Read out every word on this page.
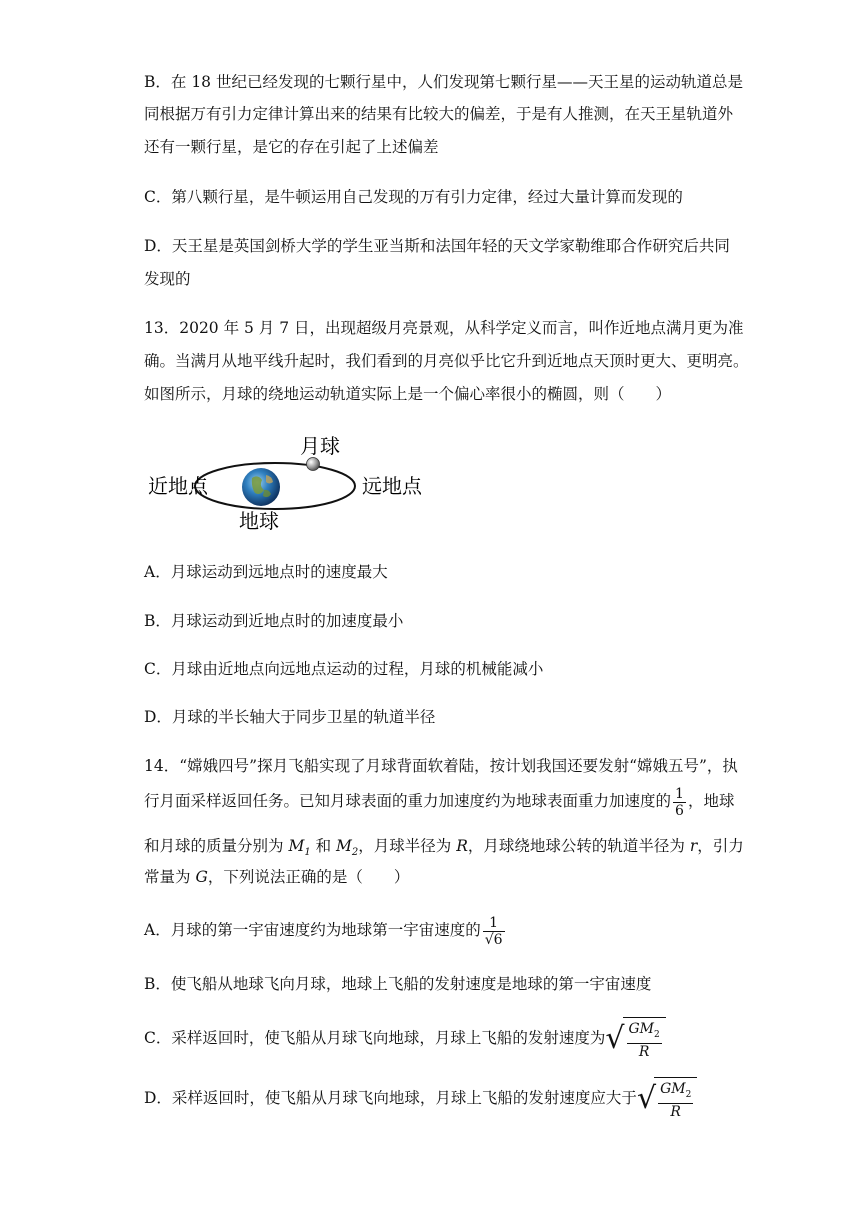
B．在 18 世纪已经发现的七颗行星中，人们发现第七颗行星——天王星的运动轨道总是
同根据万有引力定律计算出来的结果有比较大的偏差，于是有人推测，在天王星轨道外
还有一颗行星，是它的存在引起了上述偏差
C．第八颗行星，是牛顿运用自己发现的万有引力定律，经过大量计算而发现的
D．天王星是英国剑桥大学的学生亚当斯和法国年轻的天文学家勒维耶合作研究后共同
发现的
13．2020 年 5 月 7 日，出现超级月亮景观，从科学定义而言，叫作近地点满月更为准
确。当满月从地平线升起时，我们看到的月亮似乎比它升到近地点天顶时更大、更明亮。
如图所示，月球的绕地运动轨道实际上是一个偏心率很小的椭圆，则（　　）
月球
近地点	远地点
地球
A．月球运动到远地点时的速度最大
B．月球运动到近地点时的加速度最小
C．月球由近地点向远地点运动的过程，月球的机械能减小
D．月球的半长轴大于同步卫星的轨道半径
14．“嫦娥四号”探月飞船实现了月球背面软着陆，按计划我国还要发射“嫦娥五号”，执
行月面采样返回任务。已知月球表面的重力加速度约为地球表面重力加速度的 $\frac{1}{6}$ ，地球
和月球的质量分别为 $M_1$ 和 $M_2$，月球半径为 R，月球绕地球公转的轨道半径为 r，引力
常量为 G，下列说法正确的是（　　）
A．月球的第一宇宙速度约为地球第一宇宙速度的 $\frac{1}{√6}$
B．使飞船从地球飞向月球，地球上飞船的发射速度是地球的第一宇宙速度
C．采样返回时，使飞船从月球飞向地球，月球上飞船的发射速度为√ $\frac{GM_2}{R}$
D．采样返回时，使飞船从月球飞向地球，月球上飞船的发射速度应大于√ $\frac{GM_2}{R}$
